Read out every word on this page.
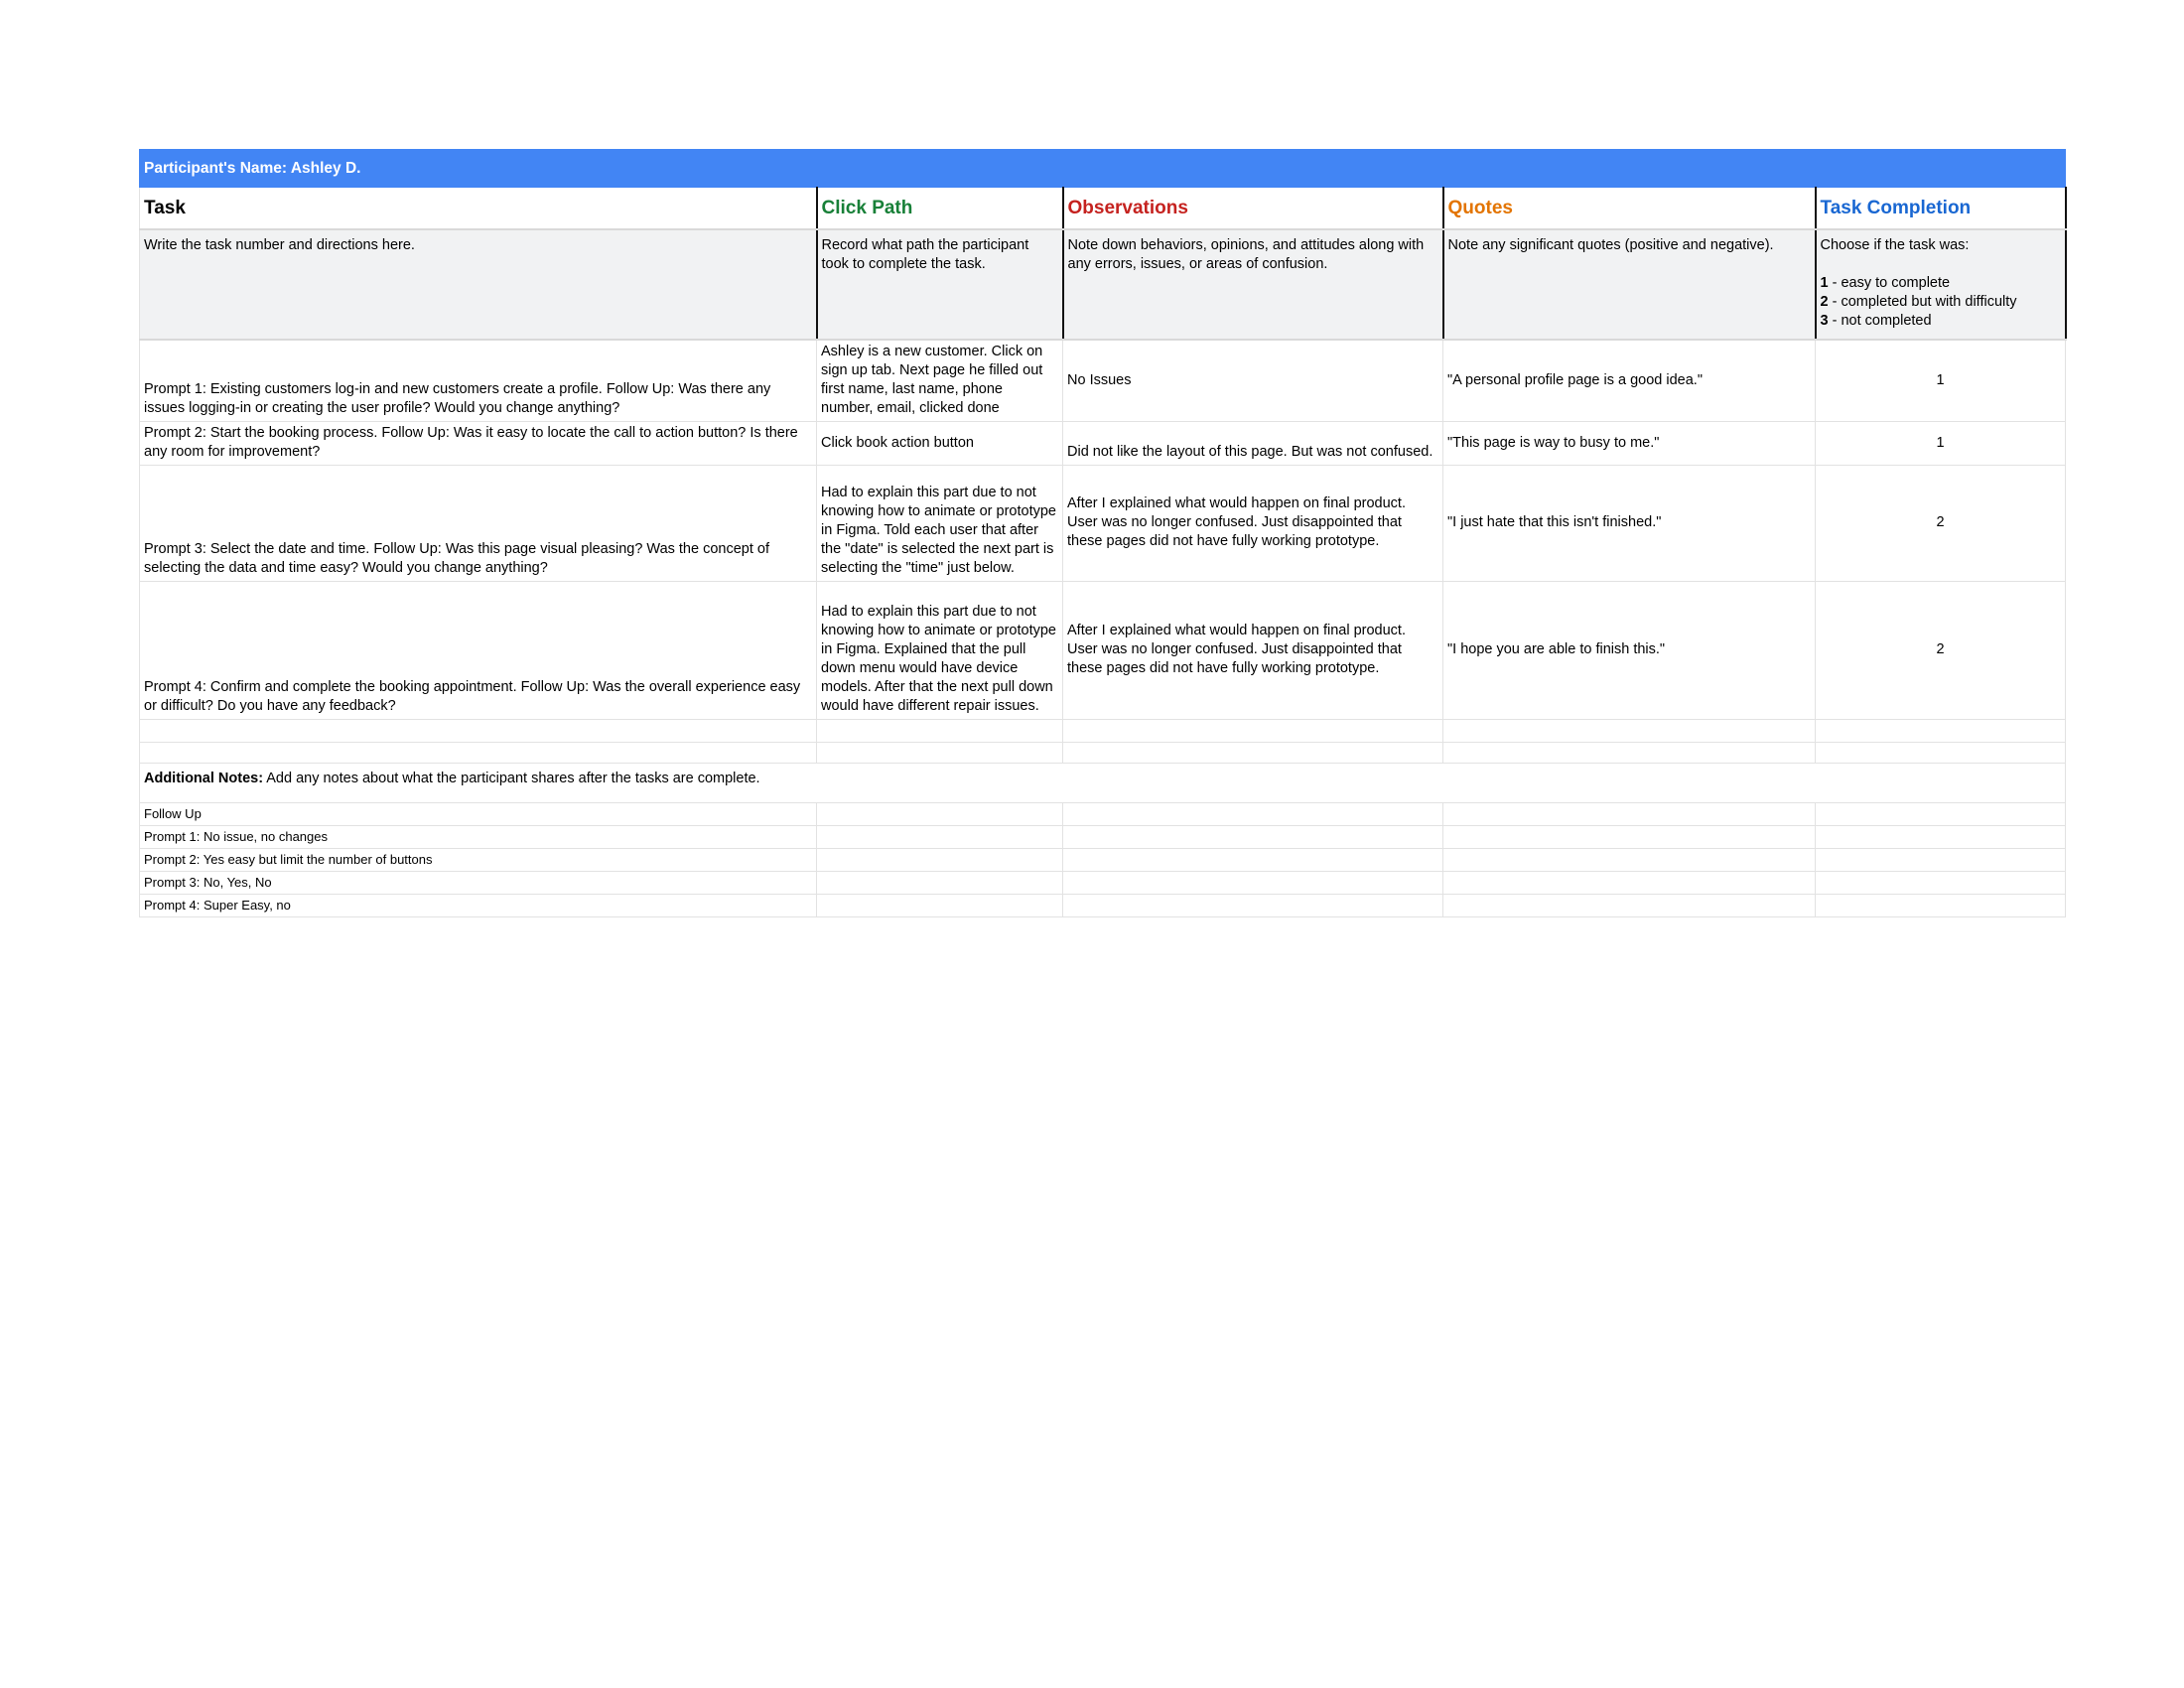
Participant's Name: Ashley D.				
Task	Click Path	Observations	Quotes	Task Completion
Write the task number and directions here.	Record what path the participant took to complete the task.	Note down behaviors, opinions, and attitudes along with any errors, issues, or areas of confusion.	Note any significant quotes (positive and negative).	Choose if the task was:
1 - easy to complete
2 - completed but with difficulty
3 - not completed

Prompt 1: Existing customers log-in and new customers create a profile. Follow Up: Was there any issues logging-in or creating the user profile? Would you change anything?	Ashley is a new customer. Click on sign up tab. Next page he filled out first name, last name, phone number, email, clicked done	No Issues	"A personal profile page is a good idea."	1
Prompt 2: Start the booking process. Follow Up: Was it easy to locate the call to action button? Is there any room for improvement?	Click book action button	Did not like the layout of this page. But was not confused.	"This page is way to busy to me."	1
Prompt 3: Select the date and time. Follow Up: Was this page visual pleasing? Was the concept of selecting the data and time easy? Would you change anything?	Had to explain this part due to not knowing how to animate or prototype in Figma. Told each user that after the "date" is selected the next part is selecting the "time" just below.	After I explained what would happen on final product. User was no longer confused. Just disappointed that these pages did not have fully working prototype.	"I just hate that this isn't finished."	2
Prompt 4: Confirm and complete the booking appointment. Follow Up: Was the overall experience easy or difficult? Do you have any feedback?	Had to explain this part due to not knowing how to animate or prototype in Figma. Explained that the pull down menu would have device models. After that the next pull down would have different repair issues.	After I explained what would happen on final product. User was no longer confused. Just disappointed that these pages did not have fully working prototype.	"I hope you are able to finish this."	2

Additional Notes: Add any notes about what the participant shares after the tasks are complete.				
Follow Up				
Prompt 1: No issue, no changes				
Prompt 2: Yes easy but limit the number of buttons				
Prompt 3: No, Yes, No				
Prompt 4: Super Easy, no				
